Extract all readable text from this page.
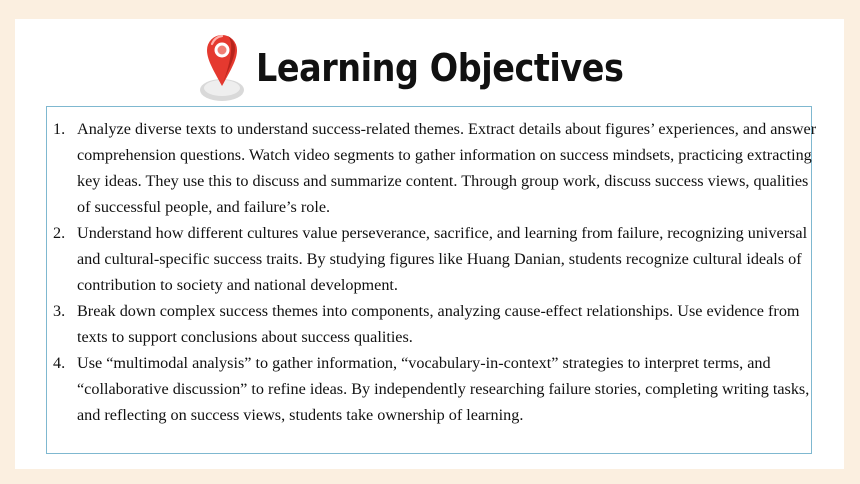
Learning Objectives
1. Analyze diverse texts to understand success-related themes. Extract details about figures’ experiences, and answer comprehension questions. Watch video segments to gather information on success mindsets, practicing extracting key ideas. They use this to discuss and summarize content. Through group work, discuss success views, qualities of successful people, and failure’s role.
2. Understand how different cultures value perseverance, sacrifice, and learning from failure, recognizing universal and cultural-specific success traits. By studying figures like Huang Danian, students recognize cultural ideals of contribution to society and national development.
3. Break down complex success themes into components, analyzing cause-effect relationships. Use evidence from texts to support conclusions about success qualities.
4. Use “multimodal analysis” to gather information, “vocabulary-in-context” strategies to interpret terms, and “collaborative discussion” to refine ideas. By independently researching failure stories, completing writing tasks, and reflecting on success views, students take ownership of learning.
